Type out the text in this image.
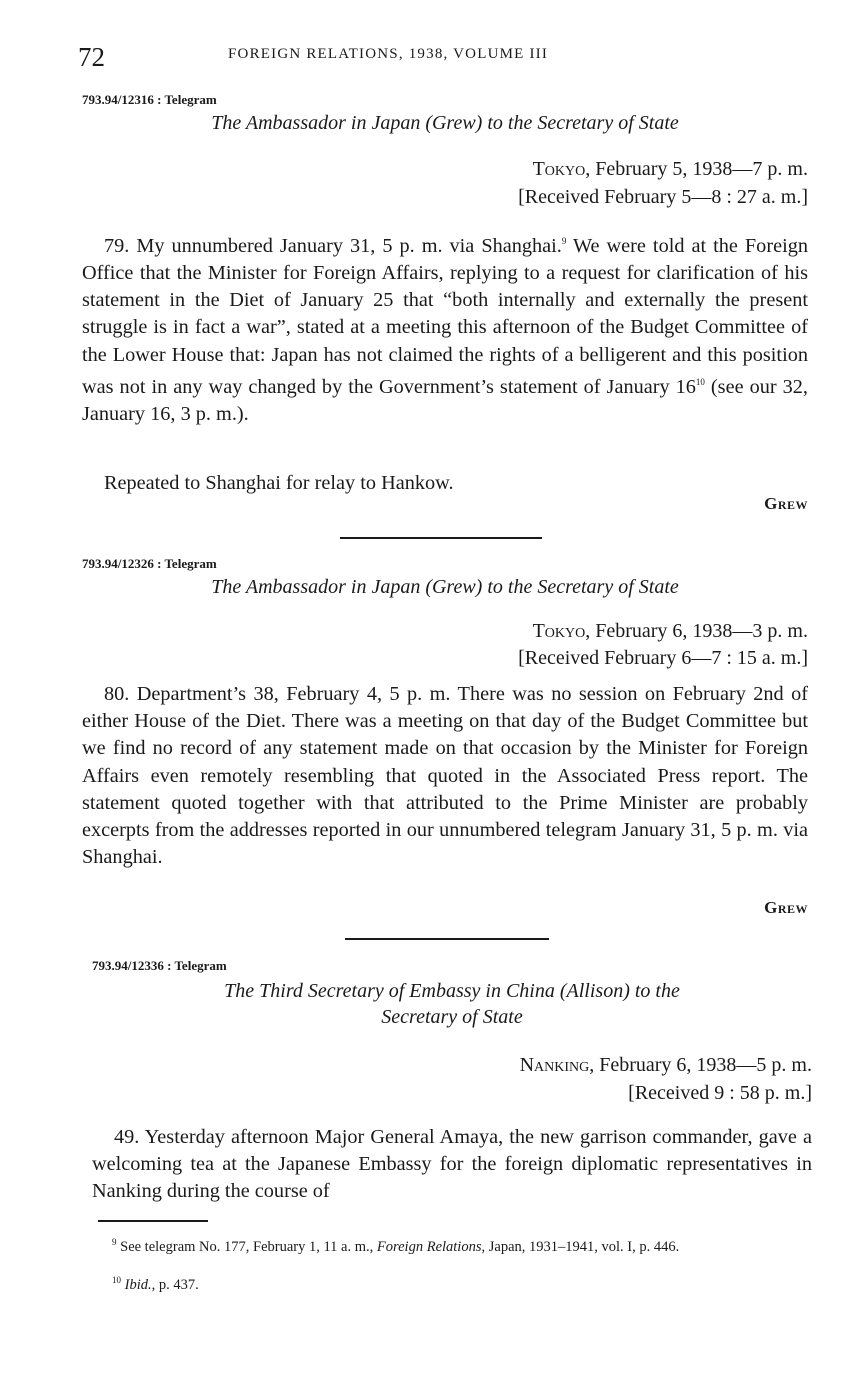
72	FOREIGN RELATIONS, 1938, VOLUME III
793.94/12316 : Telegram
The Ambassador in Japan (Grew) to the Secretary of State
Tokyo, February 5, 1938—7 p. m.
[Received February 5—8 : 27 a. m.]
79. My unnumbered January 31, 5 p. m. via Shanghai.$^9$ We were told at the Foreign Office that the Minister for Foreign Affairs, replying to a request for clarification of his statement in the Diet of January 25 that “both internally and externally the present struggle is in fact a war”, stated at a meeting this afternoon of the Budget Committee of the Lower House that: Japan has not claimed the rights of a belligerent and this position was not in any way changed by the Government’s statement of January $16^{10}$ (see our 32, January 16, 3 p. m.).
Repeated to Shanghai for relay to Hankow.
Grew
793.94/12326 : Telegram
The Ambassador in Japan (Grew) to the Secretary of State
Tokyo, February 6, 1938—3 p. m.
[Received February 6—7 : 15 a. m.]
80. Department’s 38, February 4, 5 p. m. There was no session on February 2nd of either House of the Diet. There was a meeting on that day of the Budget Committee but we find no record of any statement made on that occasion by the Minister for Foreign Affairs even remotely resembling that quoted in the Associated Press report. The statement quoted together with that attributed to the Prime Minister are probably excerpts from the addresses reported in our unnumbered telegram January 31, 5 p. m. via Shanghai.
Grew
793.94/12336 : Telegram
The Third Secretary of Embassy in China (Allison) to the
Secretary of State
Nanking, February 6, 1938—5 p. m.
[Received 9 : 58 p. m.]
49. Yesterday afternoon Major General Amaya, the new garrison commander, gave a welcoming tea at the Japanese Embassy for the foreign diplomatic representatives in Nanking during the course of
$^9$ See telegram No. 177, February 1, 11 a. m., Foreign Relations, Japan, 1931–1941, vol. I, p. 446.
$^{10}$ Ibid., p. 437.
